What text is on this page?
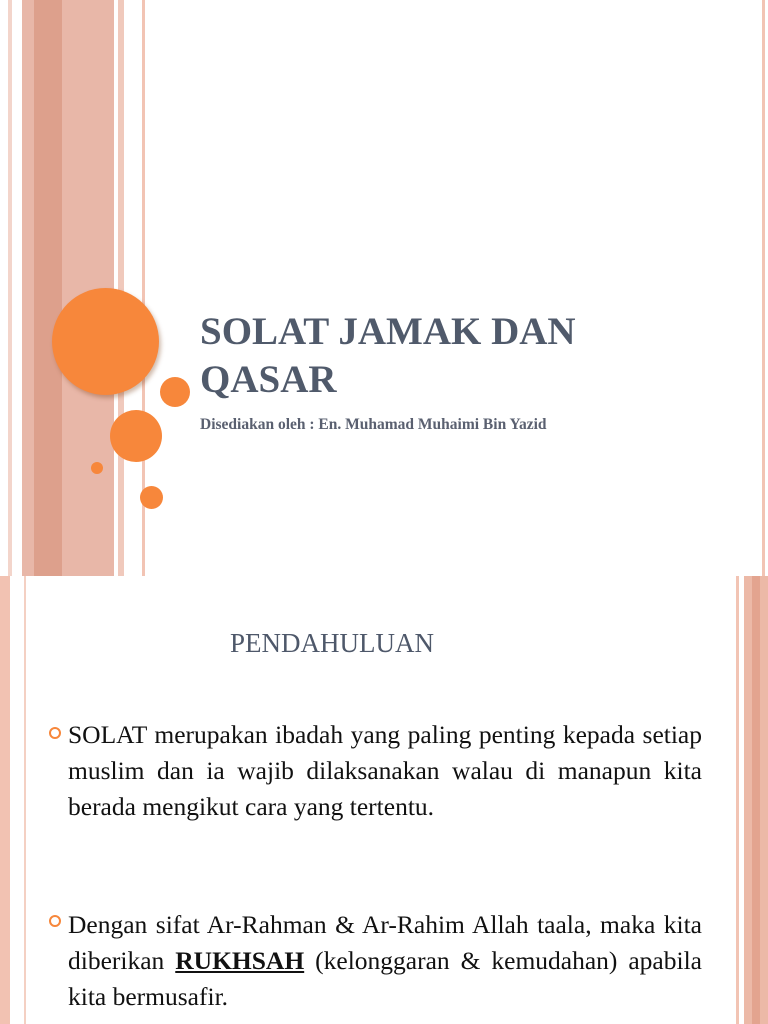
SOLAT JAMAK DAN QASAR
Disediakan oleh : En. Muhamad Muhaimi Bin Yazid
PENDAHULUAN
SOLAT merupakan ibadah yang paling penting kepada setiap muslim dan ia wajib dilaksanakan walau di manapun kita berada mengikut cara yang tertentu.
Dengan sifat Ar-Rahman & Ar-Rahim Allah taala, maka kita diberikan RUKHSAH (kelonggaran & kemudahan) apabila kita bermusafir.
